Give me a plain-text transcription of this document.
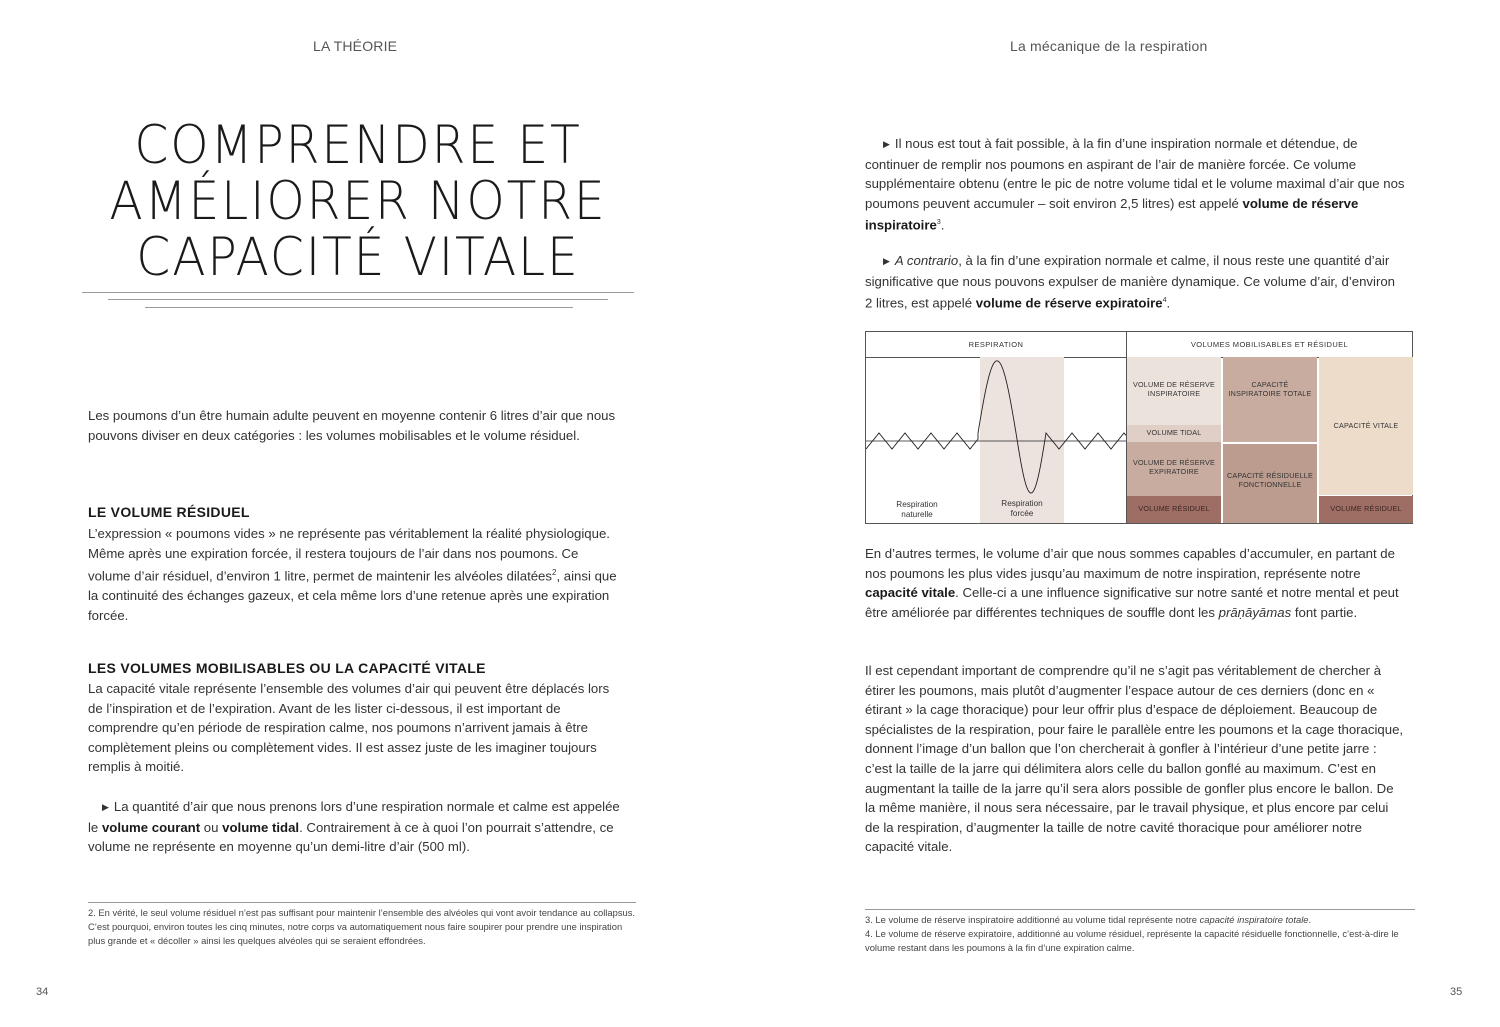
LA THÉORIE
COMPRENDRE ET
AMÉLIORER NOTRE
CAPACITÉ VITALE

Les poumons d’un être humain adulte peuvent en moyenne contenir 6 litres d’air que nous pouvons diviser en deux catégories : les volumes mobilisables et le volume résiduel.

LE VOLUME RÉSIDUEL

L’expression « poumons vides » ne représente pas véritablement la réalité physiologique. Même après une expiration forcée, il restera toujours de l’air dans nos poumons. Ce volume d’air résiduel, d’environ 1 litre, permet de maintenir les alvéoles dilatées$^2$, ainsi que la continuité des échanges gazeux, et cela même lors d’une retenue après une expiration forcée.

LES VOLUMES MOBILISABLES OU LA CAPACITÉ VITALE

La capacité vitale représente l’ensemble des volumes d’air qui peuvent être déplacés lors de l’inspiration et de l’expiration. Avant de les lister ci-dessous, il est important de comprendre qu’en période de respiration calme, nos poumons n’arrivent jamais à être complètement pleins ou complètement vides. Il est assez juste de les imaginer toujours remplis à moitié.

▶ La quantité d’air que nous prenons lors d’une respiration normale et calme est appelée le volume courant ou volume tidal. Contrairement à ce à quoi l’on pourrait s’attendre, ce volume ne représente en moyenne qu’un demi-litre d’air (500 ml).

2. En vérité, le seul volume résiduel n’est pas suffisant pour maintenir l’ensemble des alvéoles qui vont avoir tendance au collapsus. C’est pourquoi, environ toutes les cinq minutes, notre corps va automatiquement nous faire soupirer pour prendre une inspiration plus grande et « décoller » ainsi les quelques alvéoles qui se seraient effondrées.
34
La mécanique de la respiration

▶ Il nous est tout à fait possible, à la fin d’une inspiration normale et détendue, de continuer de remplir nos poumons en aspirant de l’air de manière forcée. Ce volume supplémentaire obtenu (entre le pic de notre volume tidal et le volume maximal d’air que nos poumons peuvent accumuler – soit environ 2,5 litres) est appelé volume de réserve inspiratoire$^3$.

▶ A contrario, à la fin d’une expiration normale et calme, il nous reste une quantité d’air significative que nous pouvons expulser de manière dynamique. Ce volume d’air, d’environ 2 litres, est appelé volume de réserve expiratoire$^4$.

En d’autres termes, le volume d’air que nous sommes capables d’accumuler, en partant de nos poumons les plus vides jusqu’au maximum de notre inspiration, représente notre capacité vitale. Celle-ci a une influence significative sur notre santé et notre mental et peut être améliorée par différentes techniques de souffle dont les prāṇāyāmas font partie.

Il est cependant important de comprendre qu’il ne s’agit pas véritablement de chercher à étirer les poumons, mais plutôt d’augmenter l’espace autour de ces derniers (donc en « étirant » la cage thoracique) pour leur offrir plus d’espace de déploiement. Beaucoup de spécialistes de la respiration, pour faire le parallèle entre les poumons et la cage thoracique, donnent l’image d’un ballon que l’on chercherait à gonfler à l’intérieur d’une petite jarre : c’est la taille de la jarre qui délimitera alors celle du ballon gonflé au maximum. C’est en augmentant la taille de la jarre qu’il sera alors possible de gonfler plus encore le ballon. De la même manière, il nous sera nécessaire, par le travail physique, et plus encore par celui de la respiration, d’augmenter la taille de notre cavité thoracique pour améliorer notre capacité vitale.

3. Le volume de réserve inspiratoire additionné au volume tidal représente notre capacité inspiratoire totale.
4. Le volume de réserve expiratoire, additionné au volume résiduel, représente la capacité résiduelle fonctionnelle, c’est-à-dire le volume restant dans les poumons à la fin d’une expiration calme.
35
RESPIRATION	VOLUMES MOBILISABLES ET RÉSIDUEL
Respiration naturelle
Respiration forcée
VOLUME DE RÉSERVE INSPIRATOIRE
VOLUME TIDAL
VOLUME DE RÉSERVE EXPIRATOIRE
VOLUME RÉSIDUEL
CAPACITÉ INSPIRATOIRE TOTALE
CAPACITÉ RÉSIDUELLE FONCTIONNELLE
CAPACITÉ VITALE
VOLUME RÉSIDUEL
